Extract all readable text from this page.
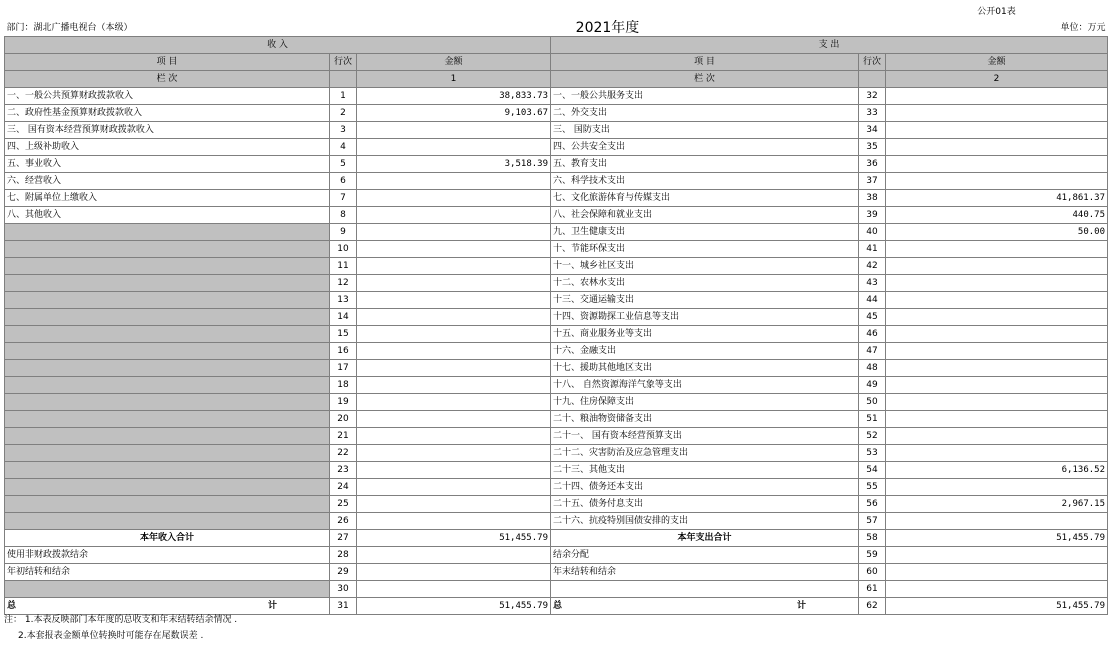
					公开01表
部门：湖北广播电视台（本级）		2021年度			单位：万元
收 入			支 出		
项 目	行次	金额	项 目	行次	金额
栏 次		1	栏 次		2
一、一般公共预算财政拨款收入	1	38,833.73	一、一般公共服务支出	32	
二、政府性基金预算财政拨款收入	2	9,103.67	二、外交支出	33	
三、 国有资本经营预算财政拨款收入	3		三、 国防支出	34	
四、上级补助收入	4		四、公共安全支出	35	
五、事业收入	5	3,518.39	五、教育支出	36	
六、经营收入	6		六、科学技术支出	37	
七、附属单位上缴收入	7		七、文化旅游体育与传媒支出	38	41,861.37
八、其他收入	8		八、社会保障和就业支出	39	440.75
	9		九、卫生健康支出	40	50.00
	10		十、节能环保支出	41	
	11		十一、城乡社区支出	42	
	12		十二、农林水支出	43	
	13		十三、交通运输支出	44	
	14		十四、资源勘探工业信息等支出	45	
	15		十五、商业服务业等支出	46	
	16		十六、金融支出	47	
	17		十七、援助其他地区支出	48	
	18		十八、 自然资源海洋气象等支出	49	
	19		十九、住房保障支出	50	
	20		二十、粮油物资储备支出	51	
	21		二十一、 国有资本经营预算支出	52	
	22		二十二、灾害防治及应急管理支出	53	
	23		二十三、其他支出	54	6,136.52
	24		二十四、债务还本支出	55	
	25		二十五、债务付息支出	56	2,967.15
	26		二十六、抗疫特别国债安排的支出	57	
本年收入合计	27	51,455.79	本年支出合计	58	51,455.79
使用非财政拨款结余	28		结余分配	59	
年初结转和结余	29		年末结转和结余	60	
	30			61	

总 计	31	51,455.79	总 计	62	51,455.79
注： 1.本表反映部门本年度的总收支和年末结转结余情况 .
2.本套报表金额单位转换时可能存在尾数误差 .
